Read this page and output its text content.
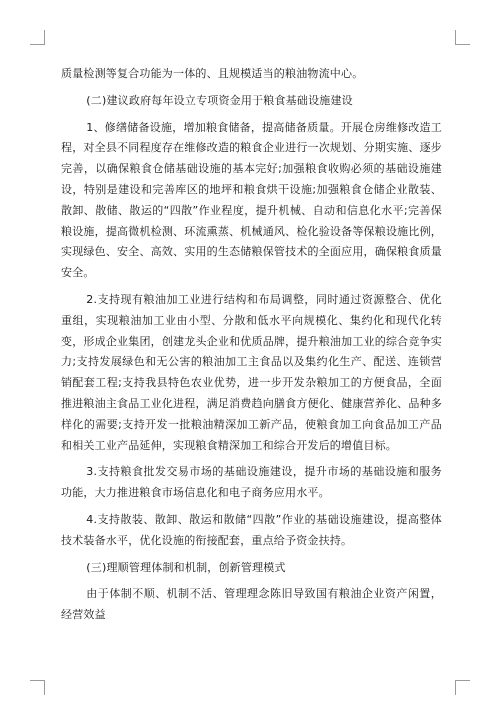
质量检测等复合功能为一体的、且规模适当的粮油物流中心。

(二)建议政府每年设立专项资金用于粮食基础设施建设

1、修缮储备设施，增加粮食储备，提高储备质量。开展仓房维修改造工程，对全县不同程度存在维修改造的粮食企业进行一次规划、分期实施、逐步完善，以确保粮食仓储基础设施的基本完好;加强粮食收购必须的基础设施建设，特别是建设和完善库区的地坪和粮食烘干设施;加强粮食仓储企业散装、散卸、散储、散运的“四散”作业程度，提升机械、自动和信息化水平;完善保粮设施，提高微机检测、环流熏蒸、机械通风、检化验设备等保粮设施比例，实现绿色、安全、高效、实用的生态储粮保管技术的全面应用，确保粮食质量安全。

2.支持现有粮油加工业进行结构和布局调整，同时通过资源整合、优化重组，实现粮油加工业由小型、分散和低水平向规模化、集约化和现代化转变，形成企业集团，创建龙头企业和优质品牌，提升粮油加工业的综合竞争实力;支持发展绿色和无公害的粮油加工主食品以及集约化生产、配送、连锁营销配套工程;支持我县特色农业优势，进一步开发杂粮加工的方便食品，全面推进粮油主食品工业化进程，满足消费趋向膳食方便化、健康营养化、品种多样化的需要;支持开发一批粮油精深加工新产品，使粮食加工向食品加工产品和相关工业产品延伸，实现粮食精深加工和综合开发后的增值目标。

3.支持粮食批发交易市场的基础设施建设，提升市场的基础设施和服务功能，大力推进粮食市场信息化和电子商务应用水平。

4.支持散装、散卸、散运和散储“四散”作业的基础设施建设，提高整体技术装备水平，优化设施的衔接配套，重点给予资金扶持。

(三)理顺管理体制和机制，创新管理模式

由于体制不顺、机制不活、管理理念陈旧导致国有粮油企业资产闲置，经营效益
